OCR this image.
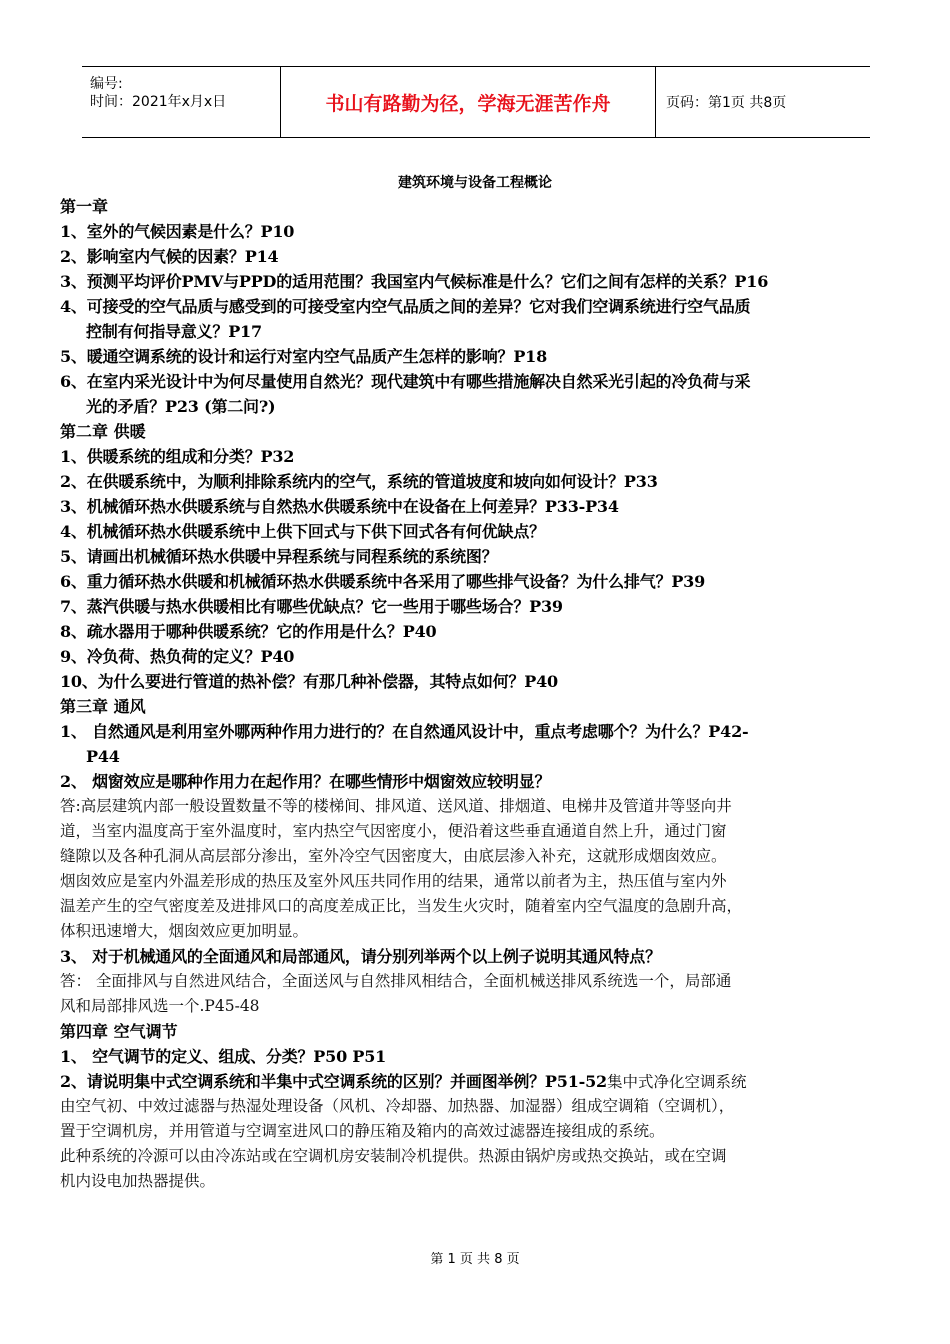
编号:
时间：2021年x月x日	书山有路勤为径，学海无涯苦作舟	页码：第1页 共8页
建筑环境与设备工程概论
第一章
1、室外的气候因素是什么？P10
2、影响室内气候的因素？P14
3、预测平均评价PMV与PPD的适用范围？我国室内气候标准是什么？它们之间有怎样的关系？P16
4、可接受的空气品质与感受到的可接受室内空气品质之间的差异？它对我们空调系统进行空气品质
控制有何指导意义？P17
5、暖通空调系统的设计和运行对室内空气品质产生怎样的影响？P18
6、在室内采光设计中为何尽量使用自然光？现代建筑中有哪些措施解决自然采光引起的冷负荷与采
光的矛盾？P23 (第二问?)
第二章 供暖
1、供暖系统的组成和分类？P32
2、在供暖系统中，为顺利排除系统内的空气，系统的管道坡度和坡向如何设计？P33
3、机械循环热水供暖系统与自然热水供暖系统中在设备在上何差异？P33-P34
4、机械循环热水供暖系统中上供下回式与下供下回式各有何优缺点？
5、请画出机械循环热水供暖中异程系统与同程系统的系统图？
6、重力循环热水供暖和机械循环热水供暖系统中各采用了哪些排气设备？为什么排气？P39
7、蒸汽供暖与热水供暖相比有哪些优缺点？它一些用于哪些场合？P39
8、疏水器用于哪种供暖系统？它的作用是什么？P40
9、冷负荷、热负荷的定义？P40
10、为什么要进行管道的热补偿？有那几种补偿器，其特点如何？P40
第三章 通风
1、 自然通风是利用室外哪两种作用力进行的？在自然通风设计中，重点考虑哪个？为什么？P42-
P44
2、 烟窗效应是哪种作用力在起作用？在哪些情形中烟窗效应较明显？
答:高层建筑内部一般设置数量不等的楼梯间、排风道、送风道、排烟道、电梯井及管道井等竖向井
道，当室内温度高于室外温度时，室内热空气因密度小，便沿着这些垂直通道自然上升，通过门窗
缝隙以及各种孔洞从高层部分渗出，室外冷空气因密度大，由底层渗入补充，这就形成烟囱效应。
烟囱效应是室内外温差形成的热压及室外风压共同作用的结果，通常以前者为主，热压值与室内外
温差产生的空气密度差及进排风口的高度差成正比，当发生火灾时，随着室内空气温度的急剧升高，
体积迅速增大，烟囱效应更加明显。
3、 对于机械通风的全面通风和局部通风，请分别列举两个以上例子说明其通风特点？
答： 全面排风与自然进风结合，全面送风与自然排风相结合，全面机械送排风系统选一个，局部通
风和局部排风选一个.P45-48
第四章 空气调节
1、 空气调节的定义、组成、分类？P50 P51
2、请说明集中式空调系统和半集中式空调系统的区别？并画图举例？P51-52集中式净化空调系统
由空气初、中效过滤器与热湿处理设备（风机、冷却器、加热器、加湿器）组成空调箱（空调机），
置于空调机房，并用管道与空调室进风口的静压箱及箱内的高效过滤器连接组成的系统。
此种系统的冷源可以由冷冻站或在空调机房安装制冷机提供。热源由锅炉房或热交换站，或在空调
机内设电加热器提供。
第 1 页 共 8 页
